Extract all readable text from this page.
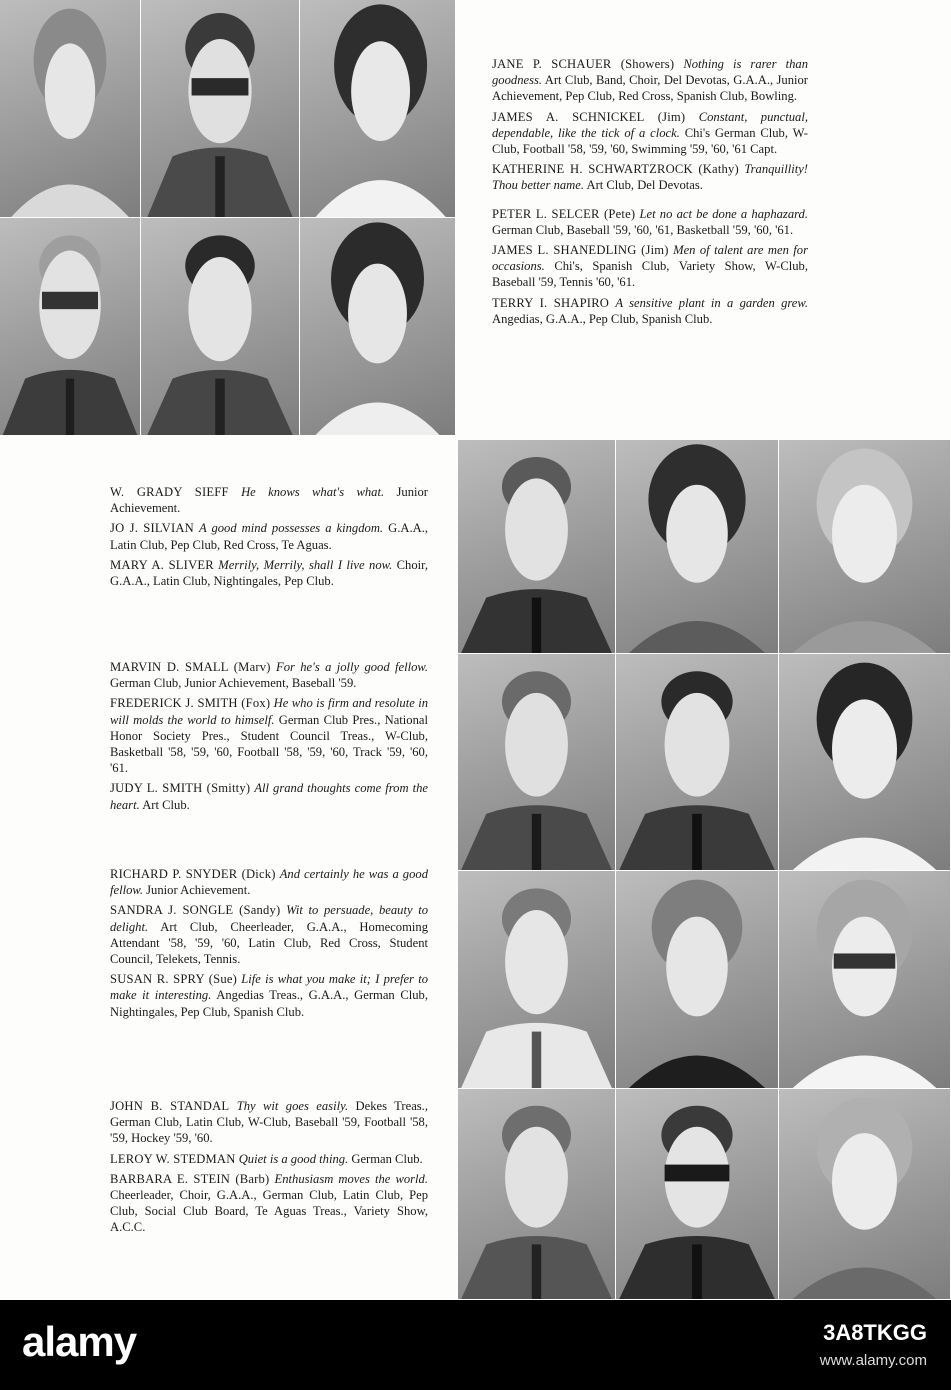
JANE P. SCHAUER (Showers) Nothing is rarer than goodness. Art Club, Band, Choir, Del Devotas, G.A.A., Junior Achievement, Pep Club, Red Cross, Spanish Club, Bowling.

JAMES A. SCHNICKEL (Jim) Constant, punctual, dependable, like the tick of a clock. Chi's German Club, W-Club, Football '58, '59, '60, Swimming '59, '60, '61 Capt.

KATHERINE H. SCHWARTZROCK (Kathy) Tranquillity! Thou better name. Art Club, Del Devotas.

PETER L. SELCER (Pete) Let no act be done a haphazard. German Club, Baseball '59, '60, '61, Basketball '59, '60, '61.

JAMES L. SHANEDLING (Jim) Men of talent are men for occasions. Chi's, Spanish Club, Variety Show, W-Club, Baseball '59, Tennis '60, '61.

TERRY I. SHAPIRO A sensitive plant in a garden grew. Angedias, G.A.A., Pep Club, Spanish Club.

W. GRADY SIEFF He knows what's what. Junior Achievement.

JO J. SILVIAN A good mind possesses a kingdom. G.A.A., Latin Club, Pep Club, Red Cross, Te Aguas.

MARY A. SLIVER Merrily, Merrily, shall I live now. Choir, G.A.A., Latin Club, Nightingales, Pep Club.

MARVIN D. SMALL (Marv) For he's a jolly good fellow. German Club, Junior Achievement, Baseball '59.

FREDERICK J. SMITH (Fox) He who is firm and resolute in will molds the world to himself. German Club Pres., National Honor Society Pres., Student Council Treas., W-Club, Basketball '58, '59, '60, Football '58, '59, '60, Track '59, '60, '61.

JUDY L. SMITH (Smitty) All grand thoughts come from the heart. Art Club.

RICHARD P. SNYDER (Dick) And certainly he was a good fellow. Junior Achievement.

SANDRA J. SONGLE (Sandy) Wit to persuade, beauty to delight. Art Club, Cheerleader, G.A.A., Homecoming Attendant '58, '59, '60, Latin Club, Red Cross, Student Council, Telekets, Tennis.

SUSAN R. SPRY (Sue) Life is what you make it; I prefer to make it interesting. Angedias Treas., G.A.A., German Club, Nightingales, Pep Club, Spanish Club.

JOHN B. STANDAL Thy wit goes easily. Dekes Treas., German Club, Latin Club, W-Club, Baseball '59, Football '58, '59, Hockey '59, '60.

LEROY W. STEDMAN Quiet is a good thing. German Club.

BARBARA E. STEIN (Barb) Enthusiasm moves the world. Cheerleader, Choir, G.A.A., German Club, Latin Club, Pep Club, Social Club Board, Te Aguas Treas., Variety Show, A.C.C.

alamy	3A8TKGG
www.alamy.com
